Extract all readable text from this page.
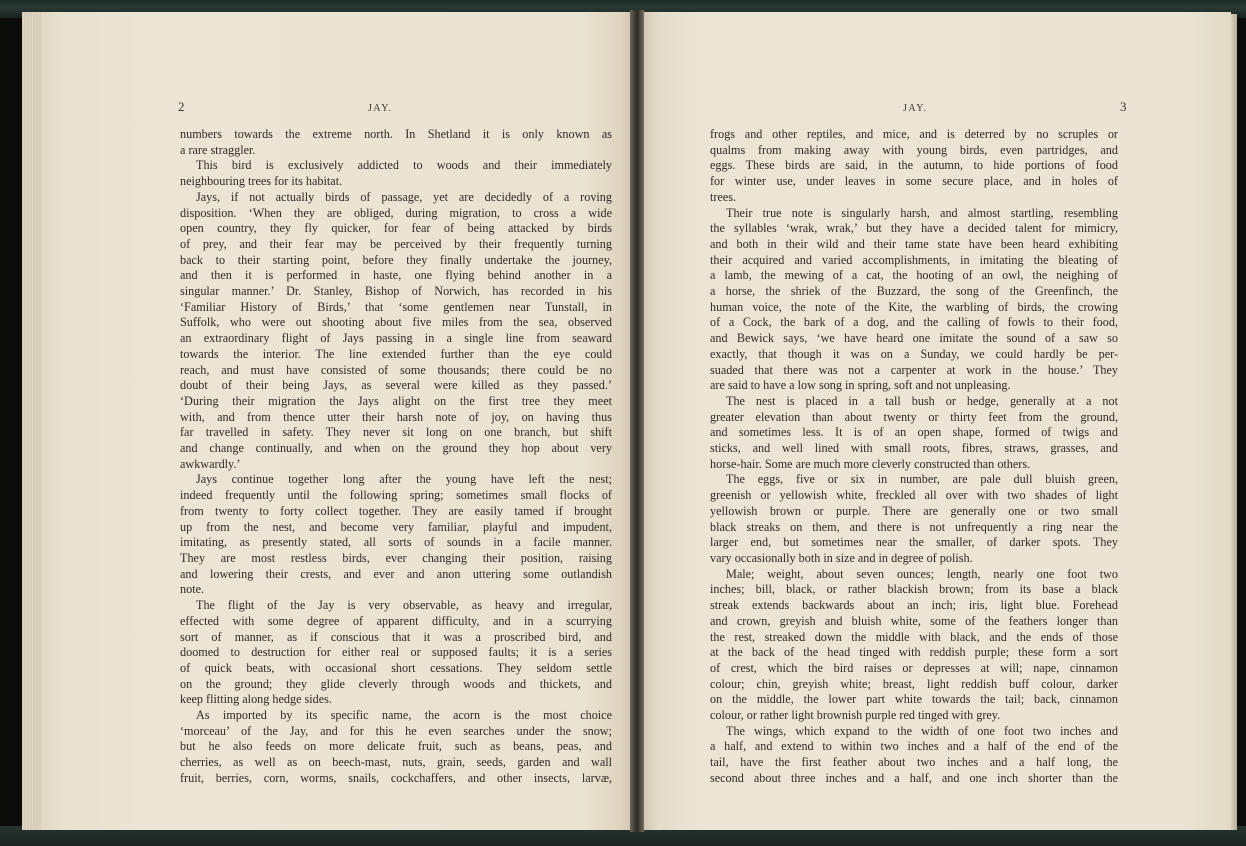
2	JAY.	3
JAY.
numbers towards the extreme north. In Shetland it is only known as
a rare straggler.
This bird is exclusively addicted to woods and their immediately
neighbouring trees for its habitat.
Jays, if not actually birds of passage, yet are decidedly of a roving
disposition. ‘When they are obliged, during migration, to cross a wide
open country, they fly quicker, for fear of being attacked by birds
of prey, and their fear may be perceived by their frequently turning
back to their starting point, before they finally undertake the journey,
and then it is performed in haste, one flying behind another in a
singular manner.’ Dr. Stanley, Bishop of Norwich, has recorded in his
‘Familiar History of Birds,’ that ‘some gentlemen near Tunstall, in
Suffolk, who were out shooting about five miles from the sea, observed
an extraordinary flight of Jays passing in a single line from seaward
towards the interior. The line extended further than the eye could
reach, and must have consisted of some thousands; there could be no
doubt of their being Jays, as several were killed as they passed.’
‘During their migration the Jays alight on the first tree they meet
with, and from thence utter their harsh note of joy, on having thus
far travelled in safety. They never sit long on one branch, but shift
and change continually, and when on the ground they hop about very
awkwardly.’
Jays continue together long after the young have left the nest;
indeed frequently until the following spring; sometimes small flocks of
from twenty to forty collect together. They are easily tamed if brought
up from the nest, and become very familiar, playful and impudent,
imitating, as presently stated, all sorts of sounds in a facile manner.
They are most restless birds, ever changing their position, raising
and lowering their crests, and ever and anon uttering some outlandish
note.
The flight of the Jay is very observable, as heavy and irregular,
effected with some degree of apparent difficulty, and in a scurrying
sort of manner, as if conscious that it was a proscribed bird, and
doomed to destruction for either real or supposed faults; it is a series
of quick beats, with occasional short cessations. They seldom settle
on the ground; they glide cleverly through woods and thickets, and
keep flitting along hedge sides.
As imported by its specific name, the acorn is the most choice
‘morceau’ of the Jay, and for this he even searches under the snow;
but he also feeds on more delicate fruit, such as beans, peas, and
cherries, as well as on beech-mast, nuts, grain, seeds, garden and wall
fruit, berries, corn, worms, snails, cockchaffers, and other insects, larvæ,
frogs and other reptiles, and mice, and is deterred by no scruples or
qualms from making away with young birds, even partridges, and
eggs. These birds are said, in the autumn, to hide portions of food
for winter use, under leaves in some secure place, and in holes of
trees.
Their true note is singularly harsh, and almost startling, resembling
the syllables ‘wrak, wrak,’ but they have a decided talent for mimicry,
and both in their wild and their tame state have been heard exhibiting
their acquired and varied accomplishments, in imitating the bleating of
a lamb, the mewing of a cat, the hooting of an owl, the neighing of
a horse, the shriek of the Buzzard, the song of the Greenfinch, the
human voice, the note of the Kite, the warbling of birds, the crowing
of a Cock, the bark of a dog, and the calling of fowls to their food,
and Bewick says, ‘we have heard one imitate the sound of a saw so
exactly, that though it was on a Sunday, we could hardly be per-
suaded that there was not a carpenter at work in the house.’ They
are said to have a low song in spring, soft and not unpleasing.
The nest is placed in a tall bush or hedge, generally at a not
greater elevation than about twenty or thirty feet from the ground,
and sometimes less. It is of an open shape, formed of twigs and
sticks, and well lined with small roots, fibres, straws, grasses, and
horse-hair. Some are much more cleverly constructed than others.
The eggs, five or six in number, are pale dull bluish green,
greenish or yellowish white, freckled all over with two shades of light
yellowish brown or purple. There are generally one or two small
black streaks on them, and there is not unfrequently a ring near the
larger end, but sometimes near the smaller, of darker spots. They
vary occasionally both in size and in degree of polish.
Male; weight, about seven ounces; length, nearly one foot two
inches; bill, black, or rather blackish brown; from its base a black
streak extends backwards about an inch; iris, light blue. Forehead
and crown, greyish and bluish white, some of the feathers longer than
the rest, streaked down the middle with black, and the ends of those
at the back of the head tinged with reddish purple; these form a sort
of crest, which the bird raises or depresses at will; nape, cinnamon
colour; chin, greyish white; breast, light reddish buff colour, darker
on the middle, the lower part white towards the tail; back, cinnamon
colour, or rather light brownish purple red tinged with grey.
The wings, which expand to the width of one foot two inches and
a half, and extend to within two inches and a half of the end of the
tail, have the first feather about two inches and a half long, the
second about three inches and a half, and one inch shorter than the
